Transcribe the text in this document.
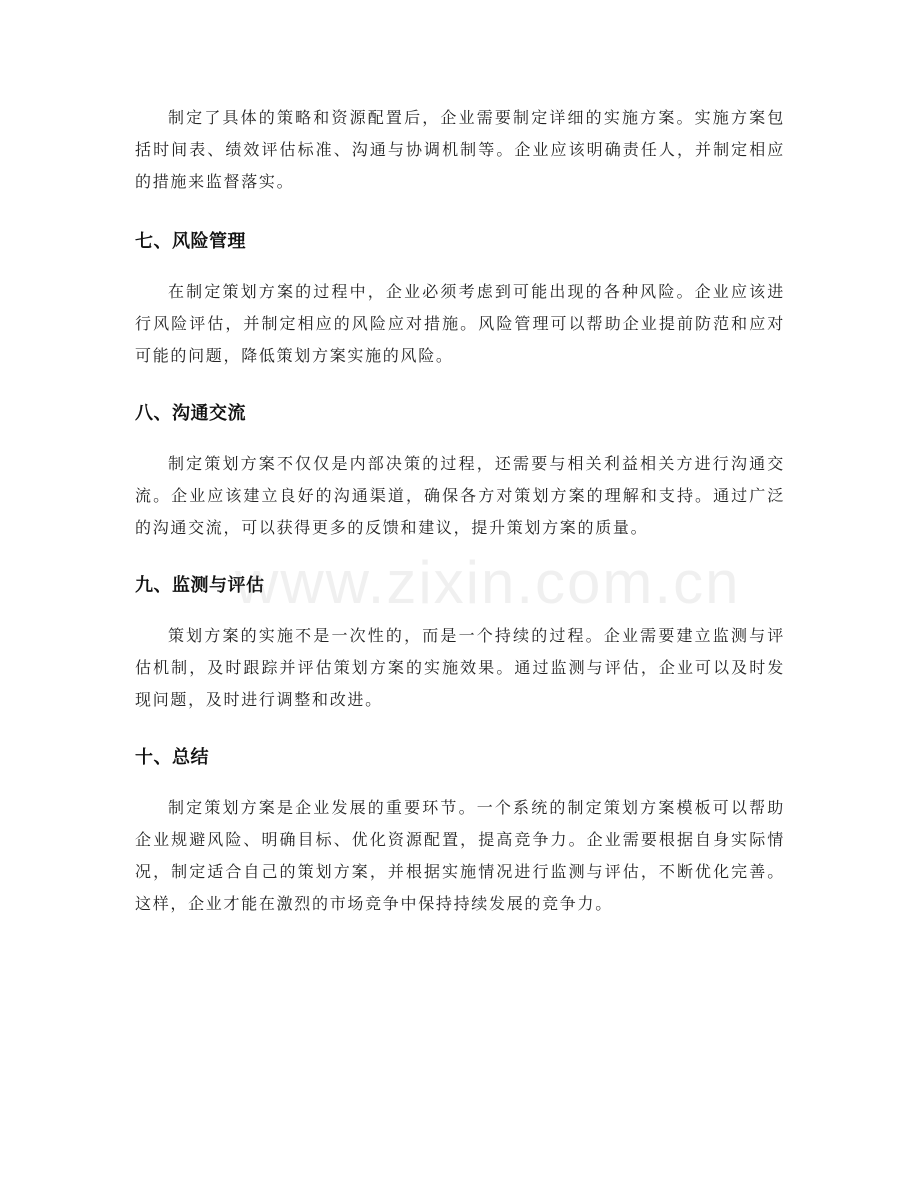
制定了具体的策略和资源配置后，企业需要制定详细的实施方案。实施方案包括时间表、绩效评估标准、沟通与协调机制等。企业应该明确责任人，并制定相应的措施来监督落实。

七、风险管理

在制定策划方案的过程中，企业必须考虑到可能出现的各种风险。企业应该进行风险评估，并制定相应的风险应对措施。风险管理可以帮助企业提前防范和应对可能的问题，降低策划方案实施的风险。

八、沟通交流

制定策划方案不仅仅是内部决策的过程，还需要与相关利益相关方进行沟通交流。企业应该建立良好的沟通渠道，确保各方对策划方案的理解和支持。通过广泛的沟通交流，可以获得更多的反馈和建议，提升策划方案的质量。

九、监测与评估

策划方案的实施不是一次性的，而是一个持续的过程。企业需要建立监测与评估机制，及时跟踪并评估策划方案的实施效果。通过监测与评估，企业可以及时发现问题，及时进行调整和改进。

十、总结

制定策划方案是企业发展的重要环节。一个系统的制定策划方案模板可以帮助企业规避风险、明确目标、优化资源配置，提高竞争力。企业需要根据自身实际情况，制定适合自己的策划方案，并根据实施情况进行监测与评估，不断优化完善。这样，企业才能在激烈的市场竞争中保持持续发展的竞争力。

www.zixin.com.cn
